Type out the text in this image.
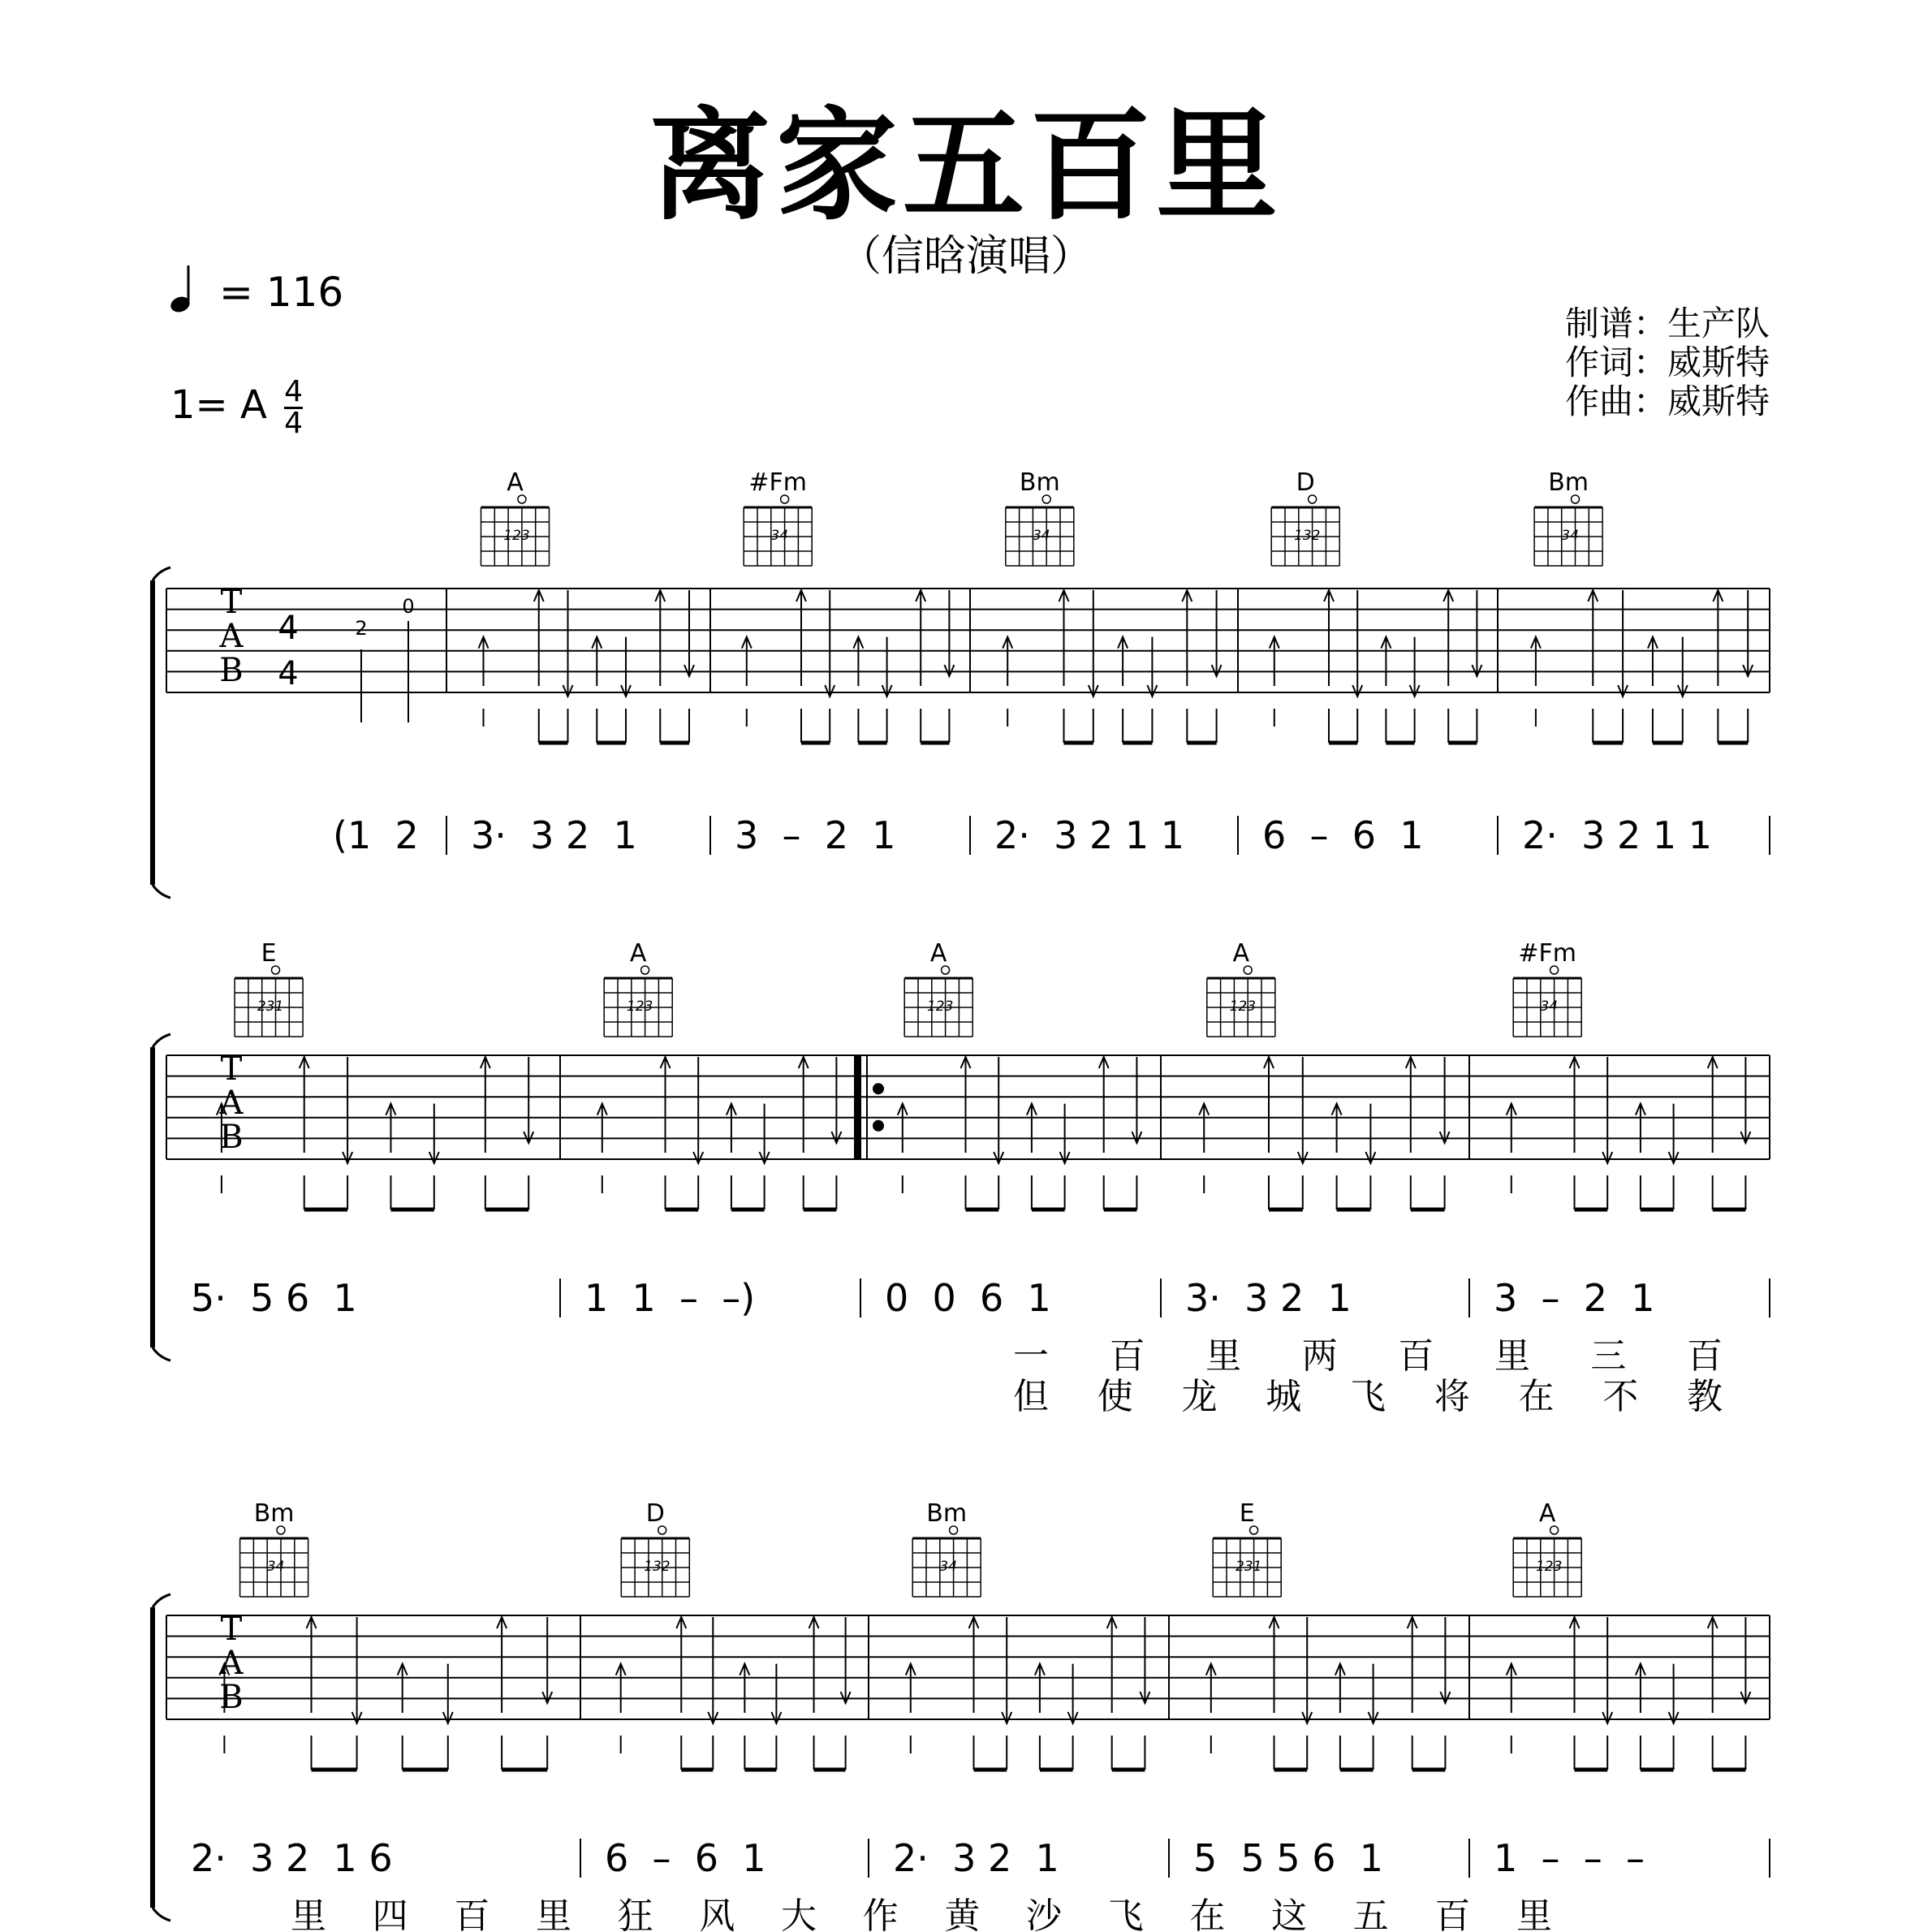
离家五百里
（信晗演唱）
= 116
1= A $\frac{4}{4}$
制谱：生产队
作词：威斯特
作曲：威斯特
T
A
B
4
4
2
0
A
123
#Fm
34
Bm
34
D
132
Bm
34
(1  2 3·  3 2  1	3  –  2  1	2·  3 2 1 1 6  –  6  1	2·  3 2 1 1
T
A
B
E
231
A
123
A
123
A
123
#Fm
34
5·  5 6  1	1  1  –  –)	0  0  6  1	3·  3 2  1	3  –  2  1
一 百 里 两 百 里 三 百
但 使 龙 城 飞 将 在 不 教
T
A
B
Bm
34
D
132
Bm
34
E
231
A
123
2·  3 2  1 6	6  –  6  1	2·  3 2  1	5  5 5 6  1	1  –  –  –
里 四 百 里 狂 风 大 作 黄 沙 飞 在 这 五 百 里
